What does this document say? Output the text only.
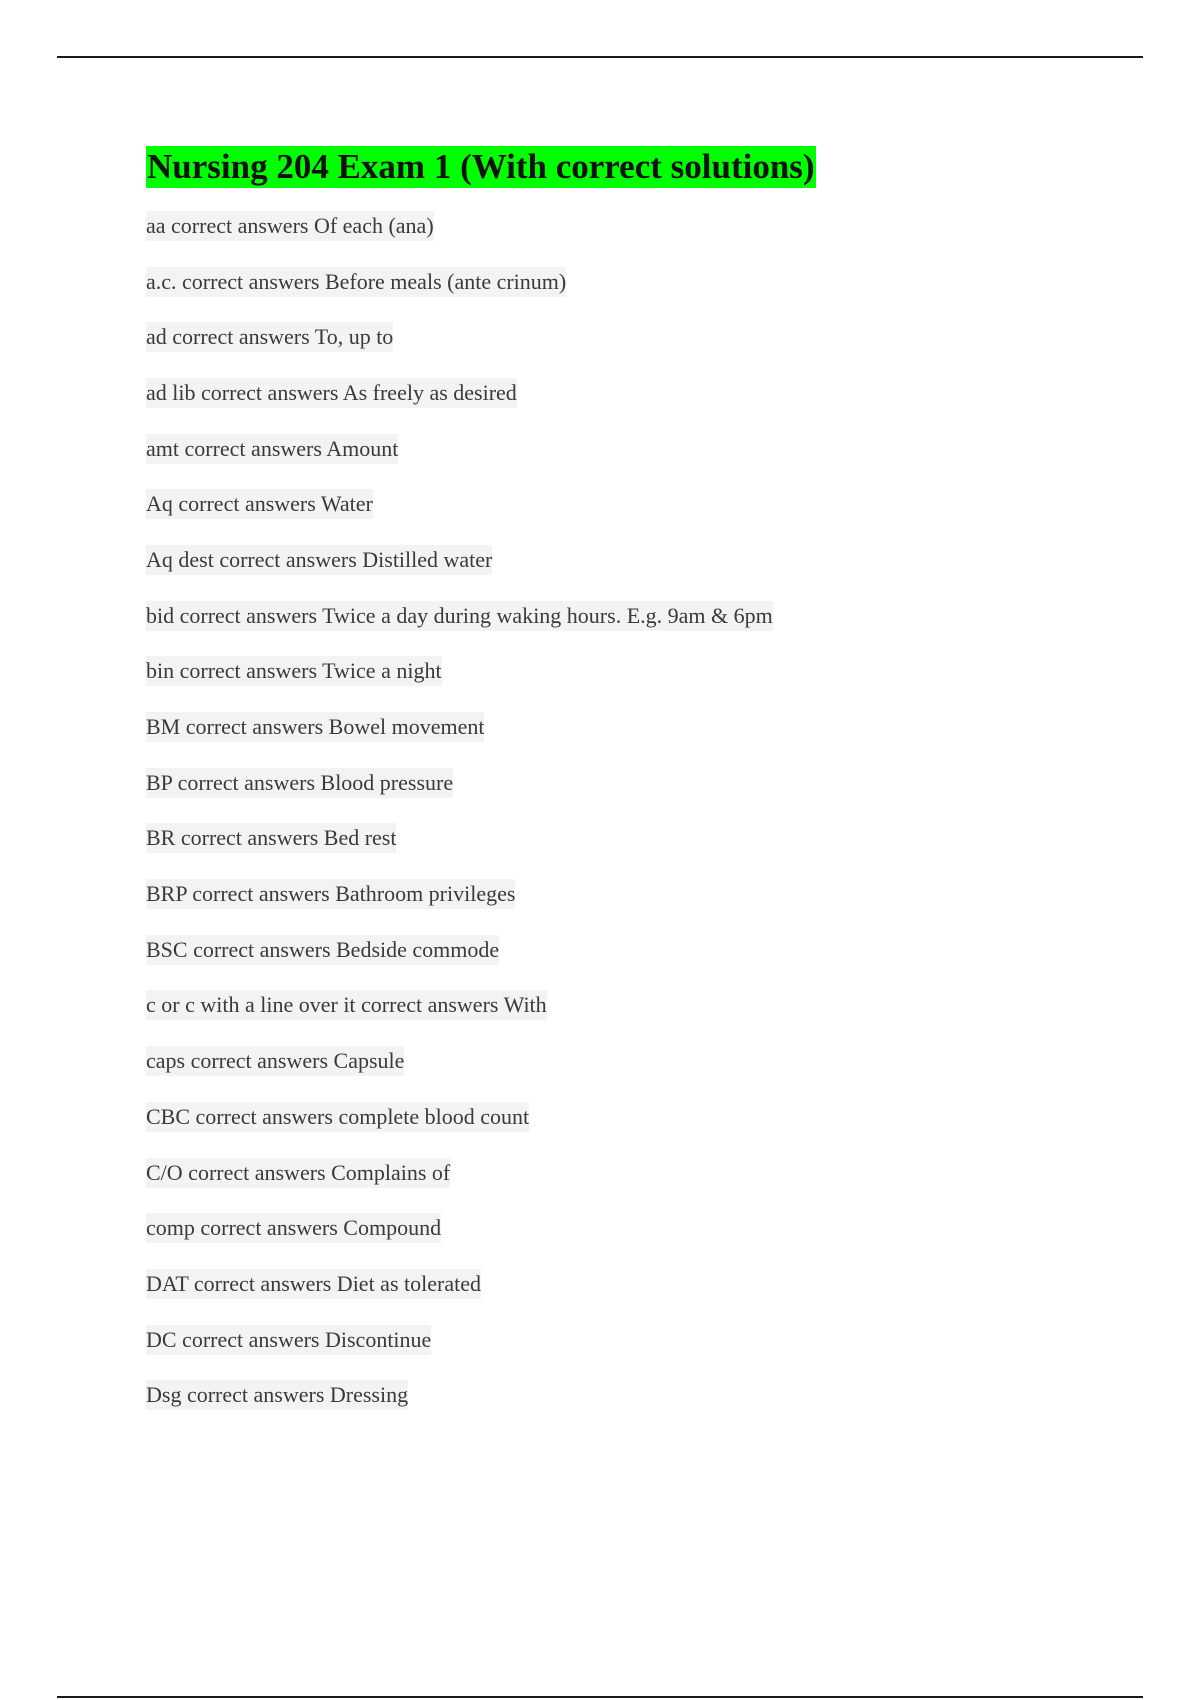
Nursing 204 Exam 1 (With correct solutions)
aa correct answers Of each (ana)
a.c. correct answers Before meals (ante crinum)
ad correct answers To, up to
ad lib correct answers As freely as desired
amt correct answers Amount
Aq correct answers Water
Aq dest correct answers Distilled water
bid correct answers Twice a day during waking hours. E.g. 9am & 6pm
bin correct answers Twice a night
BM correct answers Bowel movement
BP correct answers Blood pressure
BR correct answers Bed rest
BRP correct answers Bathroom privileges
BSC correct answers Bedside commode
c or c with a line over it correct answers With
caps correct answers Capsule
CBC correct answers complete blood count
C/O correct answers Complains of
comp correct answers Compound
DAT correct answers Diet as tolerated
DC correct answers Discontinue
Dsg correct answers Dressing
